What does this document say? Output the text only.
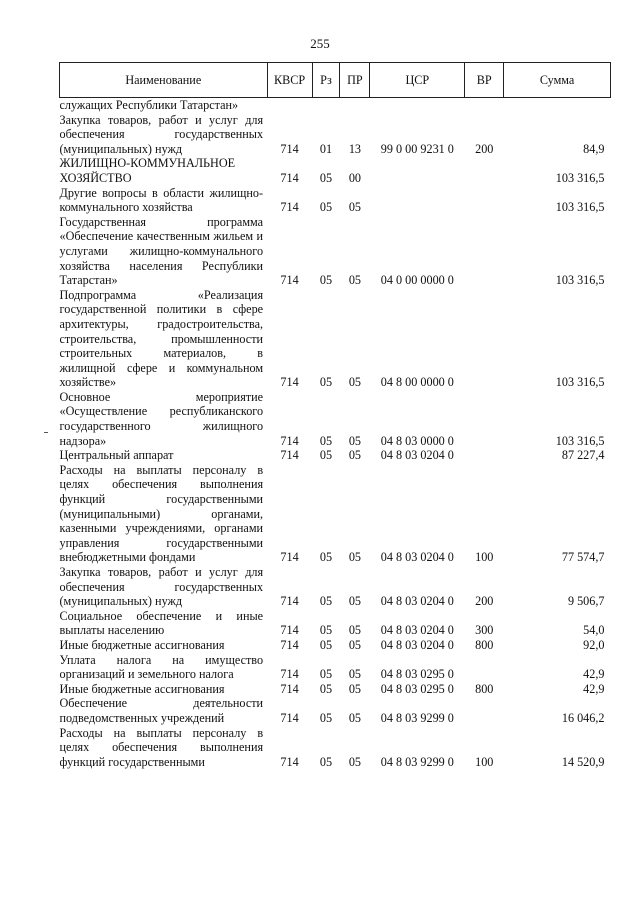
255
Наименование	КВСР	Рз	ПР	ЦСР	ВР	Сумма
служащих Республики Татарстан»						
Закупка товаров, работ и услуг для обеспечения государственных (муниципальных) нужд	714	01	13	99 0 00 9231 0	200	84,9
ЖИЛИЩНО-КОММУНАЛЬНОЕ ХОЗЯЙСТВО	714	05	00			103 316,5
Другие вопросы в области жилищно-коммунального хозяйства	714	05	05			103 316,5
Государственная программа «Обеспечение качественным жильем и услугами жилищно-коммунального хозяйства населения Республики Татарстан»	714	05	05	04 0 00 0000 0		103 316,5
Подпрограмма «Реализация государственной политики в сфере архитектуры, градостроительства, строительства, промышленности строительных материалов, в жилищной сфере и коммунальном хозяйстве»	714	05	05	04 8 00 0000 0		103 316,5
Основное мероприятие «Осуществление республиканского государственного жилищного надзора»	714	05	05	04 8 03 0000 0		103 316,5
Центральный аппарат	714	05	05	04 8 03 0204 0		87 227,4
Расходы на выплаты персоналу в целях обеспечения выполнения функций государственными (муниципальными) органами, казенными учреждениями, органами управления государственными внебюджетными фондами	714	05	05	04 8 03 0204 0	100	77 574,7
Закупка товаров, работ и услуг для обеспечения государственных (муниципальных) нужд	714	05	05	04 8 03 0204 0	200	9 506,7
Социальное обеспечение и иные выплаты населению	714	05	05	04 8 03 0204 0	300	54,0
Иные бюджетные ассигнования	714	05	05	04 8 03 0204 0	800	92,0
Уплата налога на имущество организаций и земельного налога	714	05	05	04 8 03 0295 0		42,9
Иные бюджетные ассигнования	714	05	05	04 8 03 0295 0	800	42,9
Обеспечение деятельности подведомственных учреждений	714	05	05	04 8 03 9299 0		16 046,2
Расходы на выплаты персоналу в целях обеспечения выполнения функций государственными	714	05	05	04 8 03 9299 0	100	14 520,9
